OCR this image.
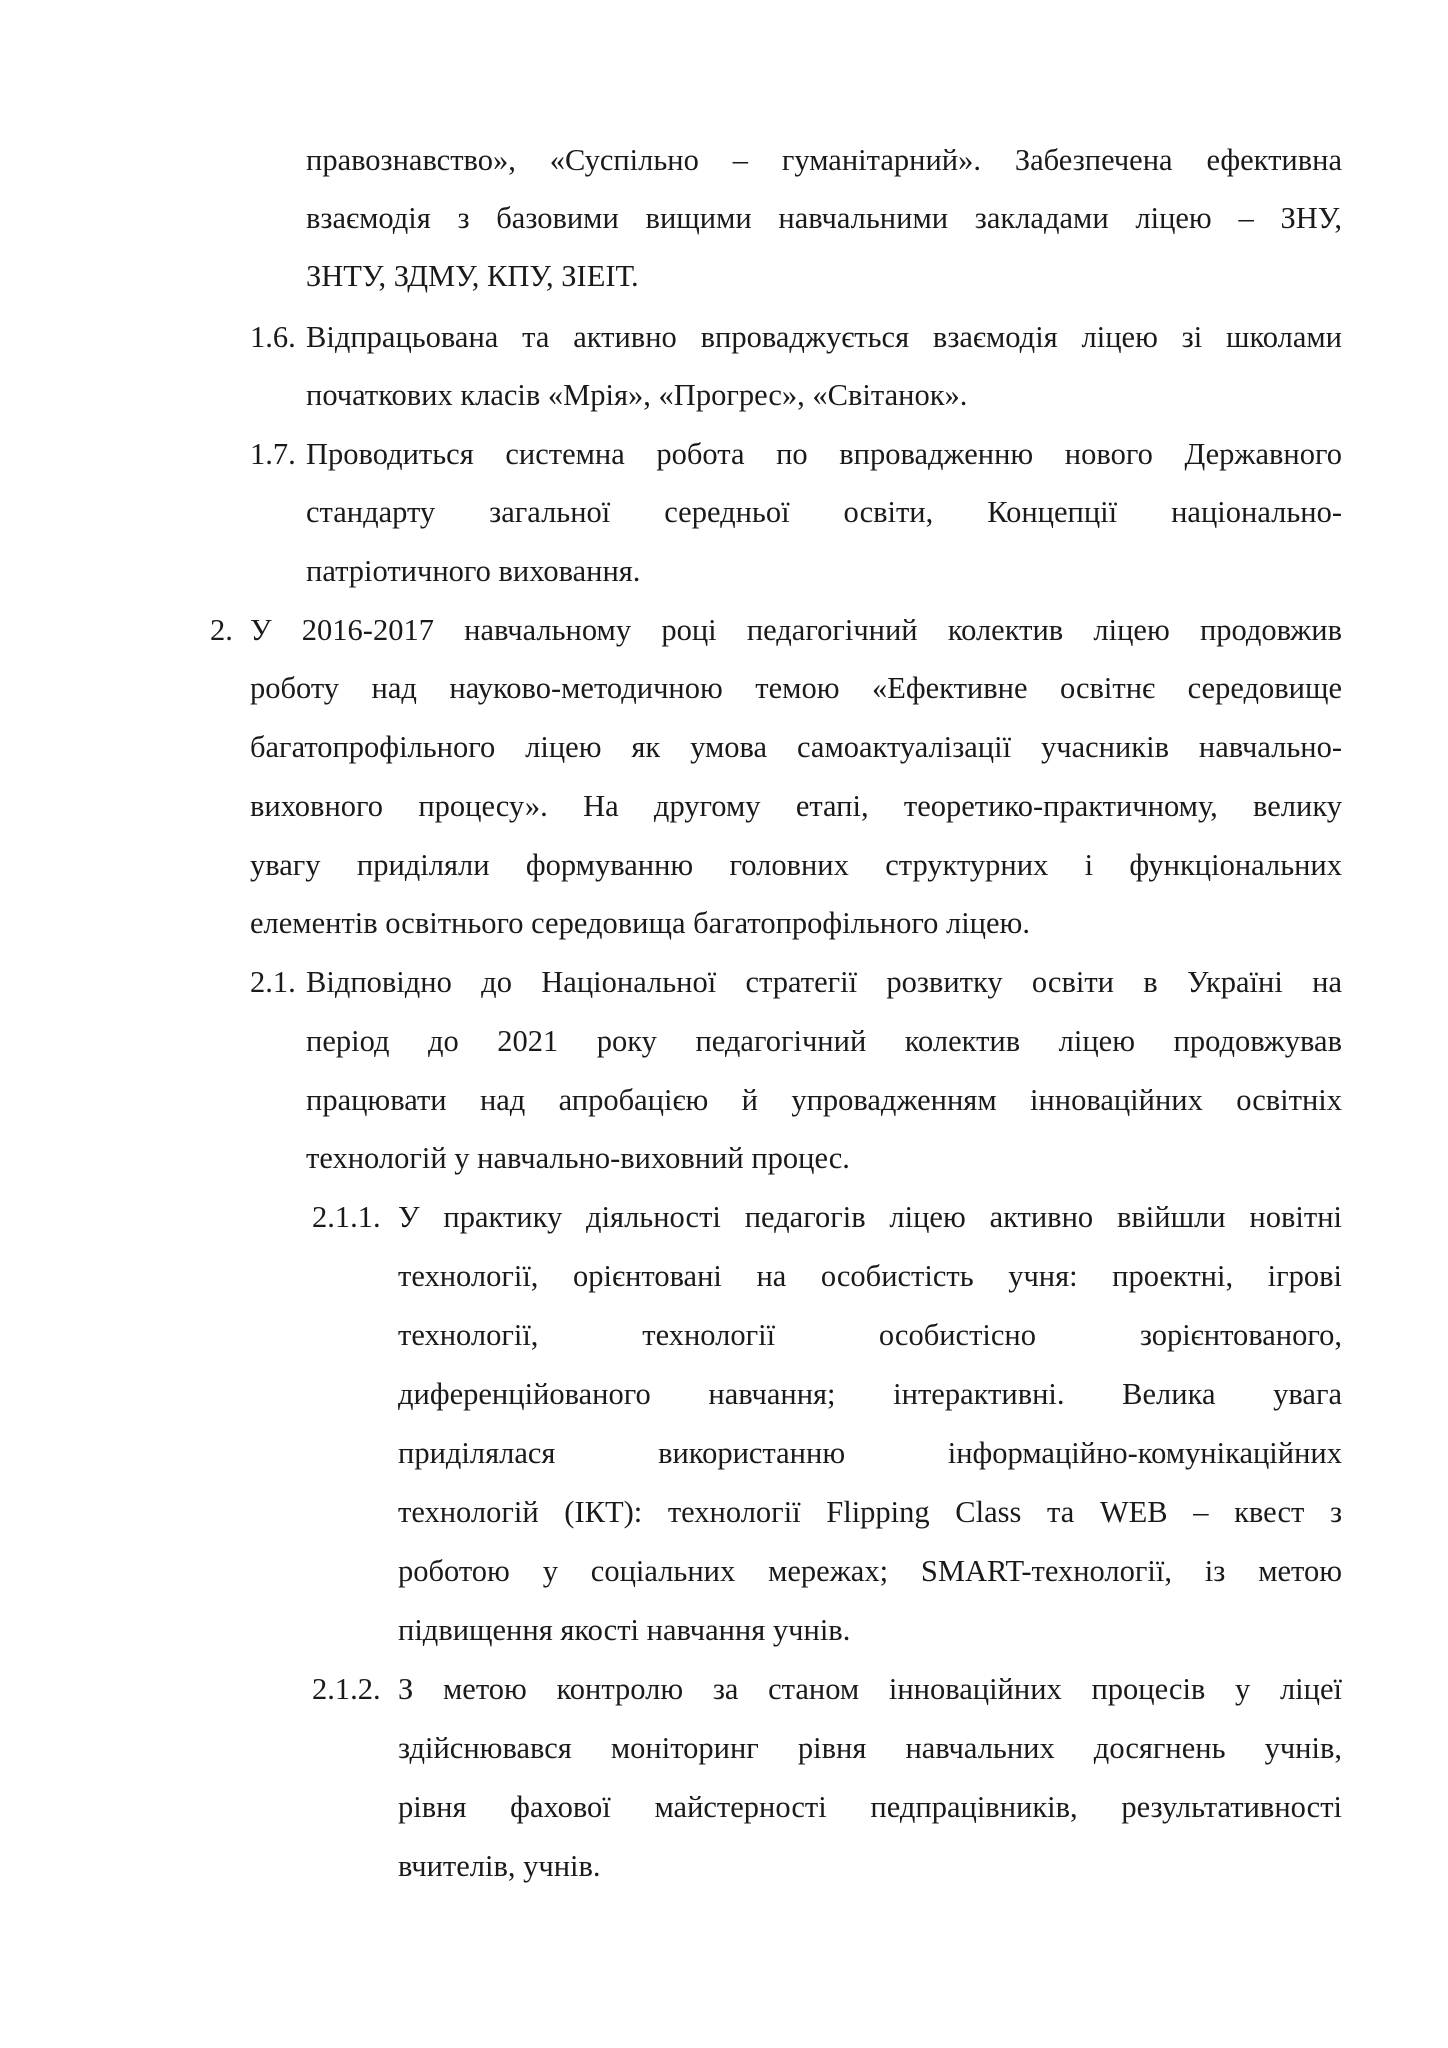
правознавство», «Суспільно – гуманітарний». Забезпечена ефективна
взаємодія з базовими вищими навчальними закладами ліцею – ЗНУ,
ЗНТУ, ЗДМУ, КПУ, ЗІЕІТ.
1.6. Відпрацьована та активно впроваджується взаємодія ліцею зі школами
початкових класів «Мрія», «Прогрес», «Світанок».
1.7. Проводиться системна робота по впровадженню нового Державного
стандарту загальної середньої освіти, Концепції національно-
патріотичного виховання.
2. У 2016-2017 навчальному році педагогічний колектив ліцею продовжив
роботу над науково-методичною темою «Ефективне освітнє середовище
багатопрофільного ліцею як умова самоактуалізації учасників навчально-
виховного процесу». На другому етапі, теоретико-практичному, велику
увагу приділяли формуванню головних структурних і функціональних
елементів освітнього середовища багатопрофільного ліцею.
2.1. Відповідно до Національної стратегії розвитку освіти в Україні на
період до 2021 року педагогічний колектив ліцею продовжував
працювати над апробацією й упровадженням інноваційних освітніх
технологій у навчально-виховний процес.
2.1.1. У практику діяльності педагогів ліцею активно ввійшли новітні
технології, орієнтовані на особистість учня: проектні, ігрові
технології, технології особистісно зорієнтованого,
диференційованого навчання; інтерактивні. Велика увага
приділялася використанню інформаційно-комунікаційних
технологій (ІКТ): технології Flipping Class та WEB – квест з
роботою у соціальних мережах; SMART-технології, із метою
підвищення якості навчання учнів.
2.1.2. З метою контролю за станом інноваційних процесів у ліцеї
здійснювався моніторинг рівня навчальних досягнень учнів,
рівня фахової майстерності педпрацівників, результативності
вчителів, учнів.
